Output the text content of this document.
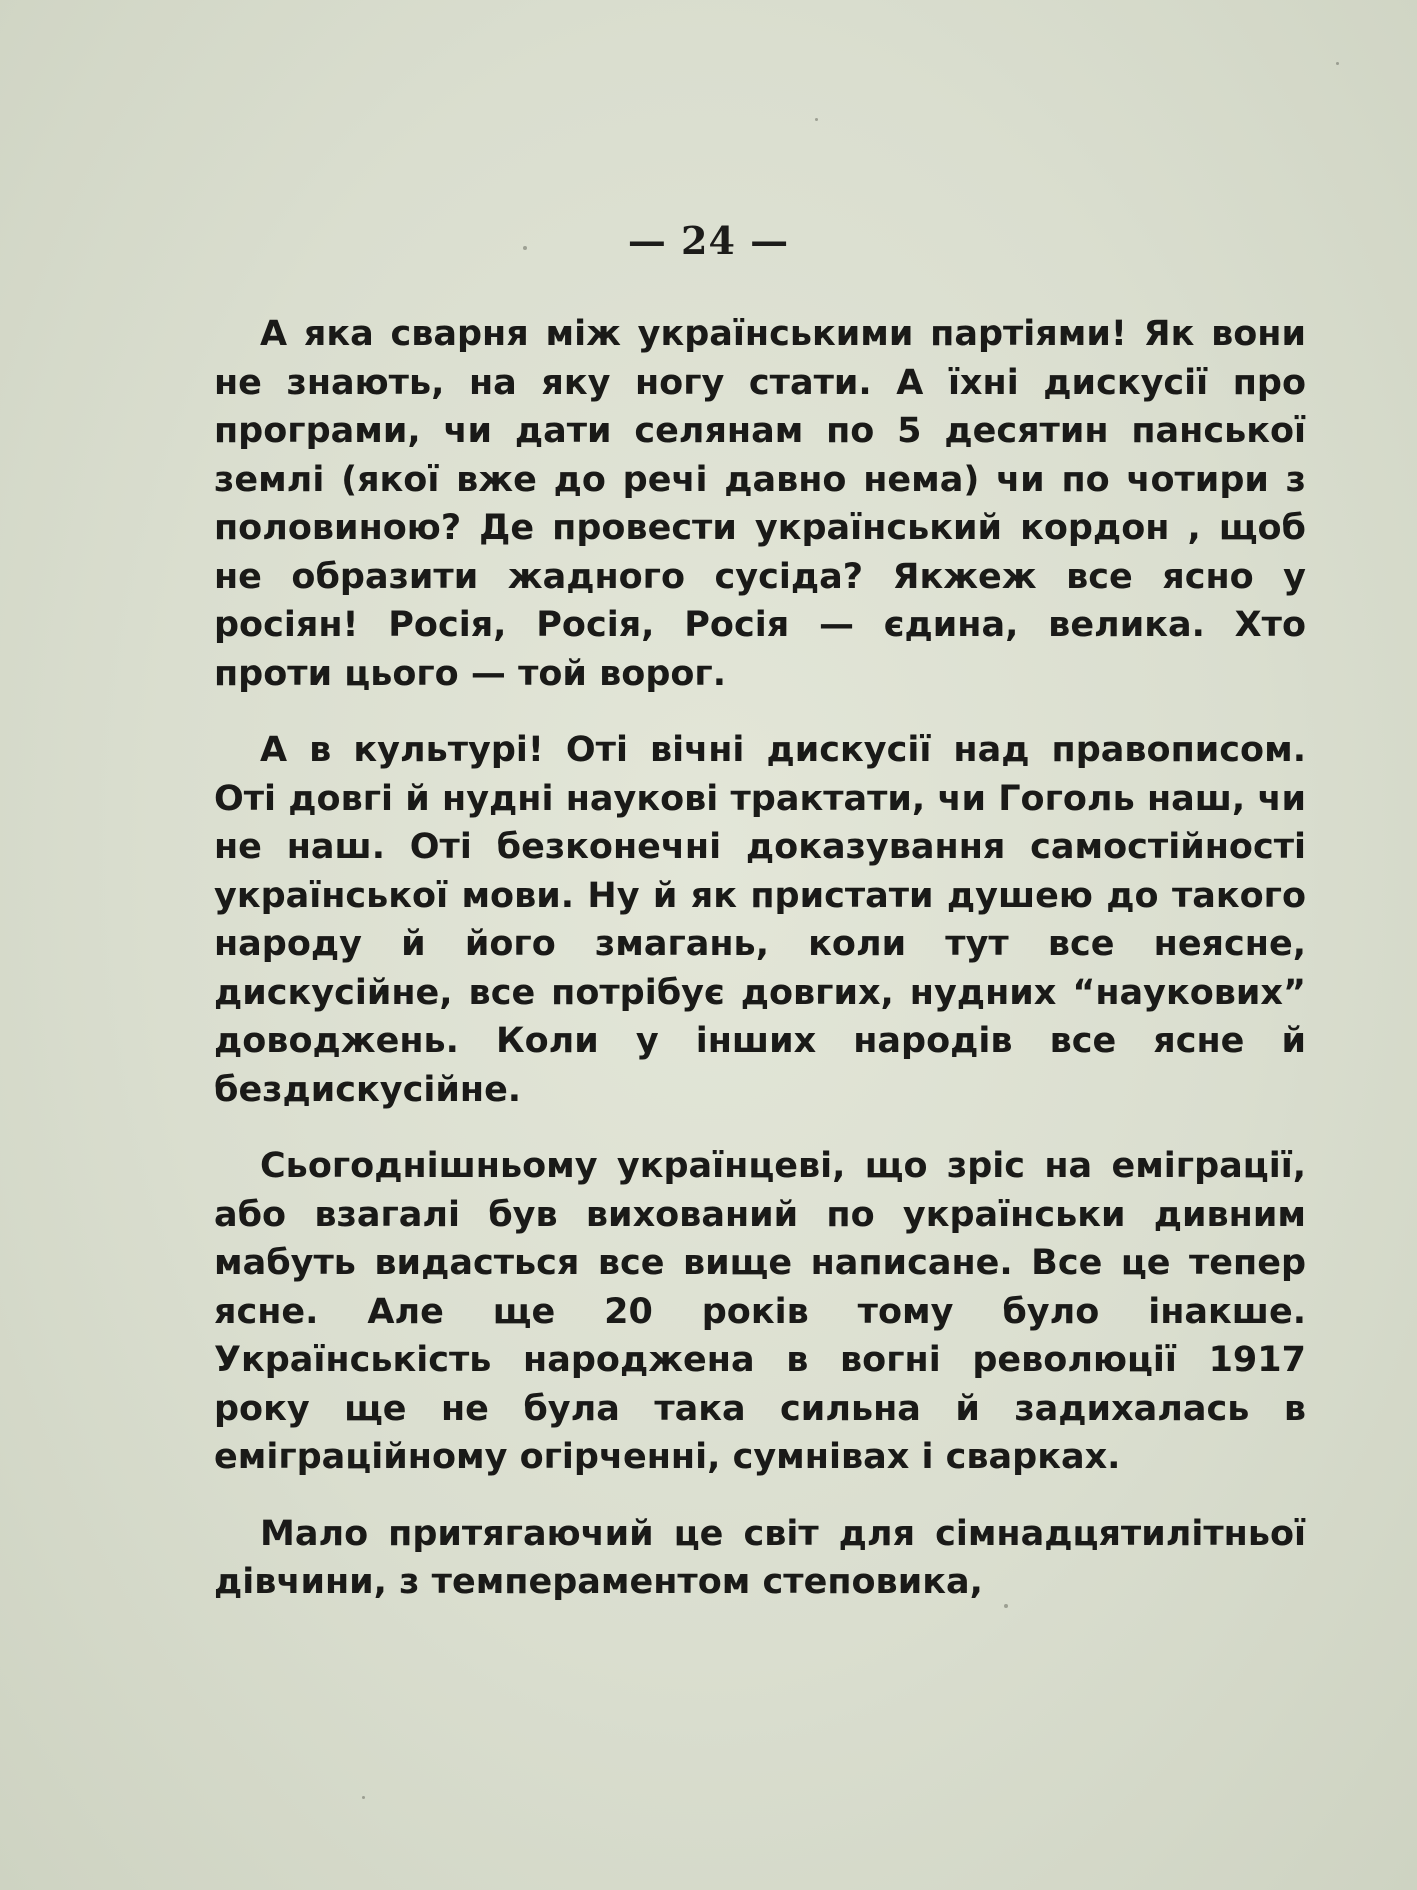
— 24 —

А яка сварня між українськими партіями! Як вони не знають, на яку ногу стати. А їхні дискусії про програми, чи дати селянам по 5 десятин панської землі (якої вже до речі давно нема) чи по чотири з половиною? Де провести український кордон , щоб не образити жадного сусіда? Якжеж все ясно у росіян! Росія, Росія, Росія — єдина, велика. Хто проти цього — той ворог.

А в культурі! Оті вічні дискусії над правописом. Оті довгі й нудні наукові трактати, чи Гоголь наш, чи не наш. Оті безконечні доказування самостійності української мови. Ну й як пристати душею до такого народу й його змагань, коли тут все неясне, дискусійне, все потрібує довгих, нудних “наукових” доводжень. Коли у інших народів все ясне й бездискусійне.

Сьогоднішньому українцеві, що зріс на еміграції, або взагалі був вихований по українськи дивним мабуть видасться все вище написане. Все це тепер ясне. Але ще 20 років тому було інакше. Українськість народжена в вогні революції 1917 року ще не була така сильна й задихалась в еміграційному огірченні, сумнівах і сварках.

Мало притягаючий це світ для сімнадцятилітньої дівчини, з темпераментом степовика,
